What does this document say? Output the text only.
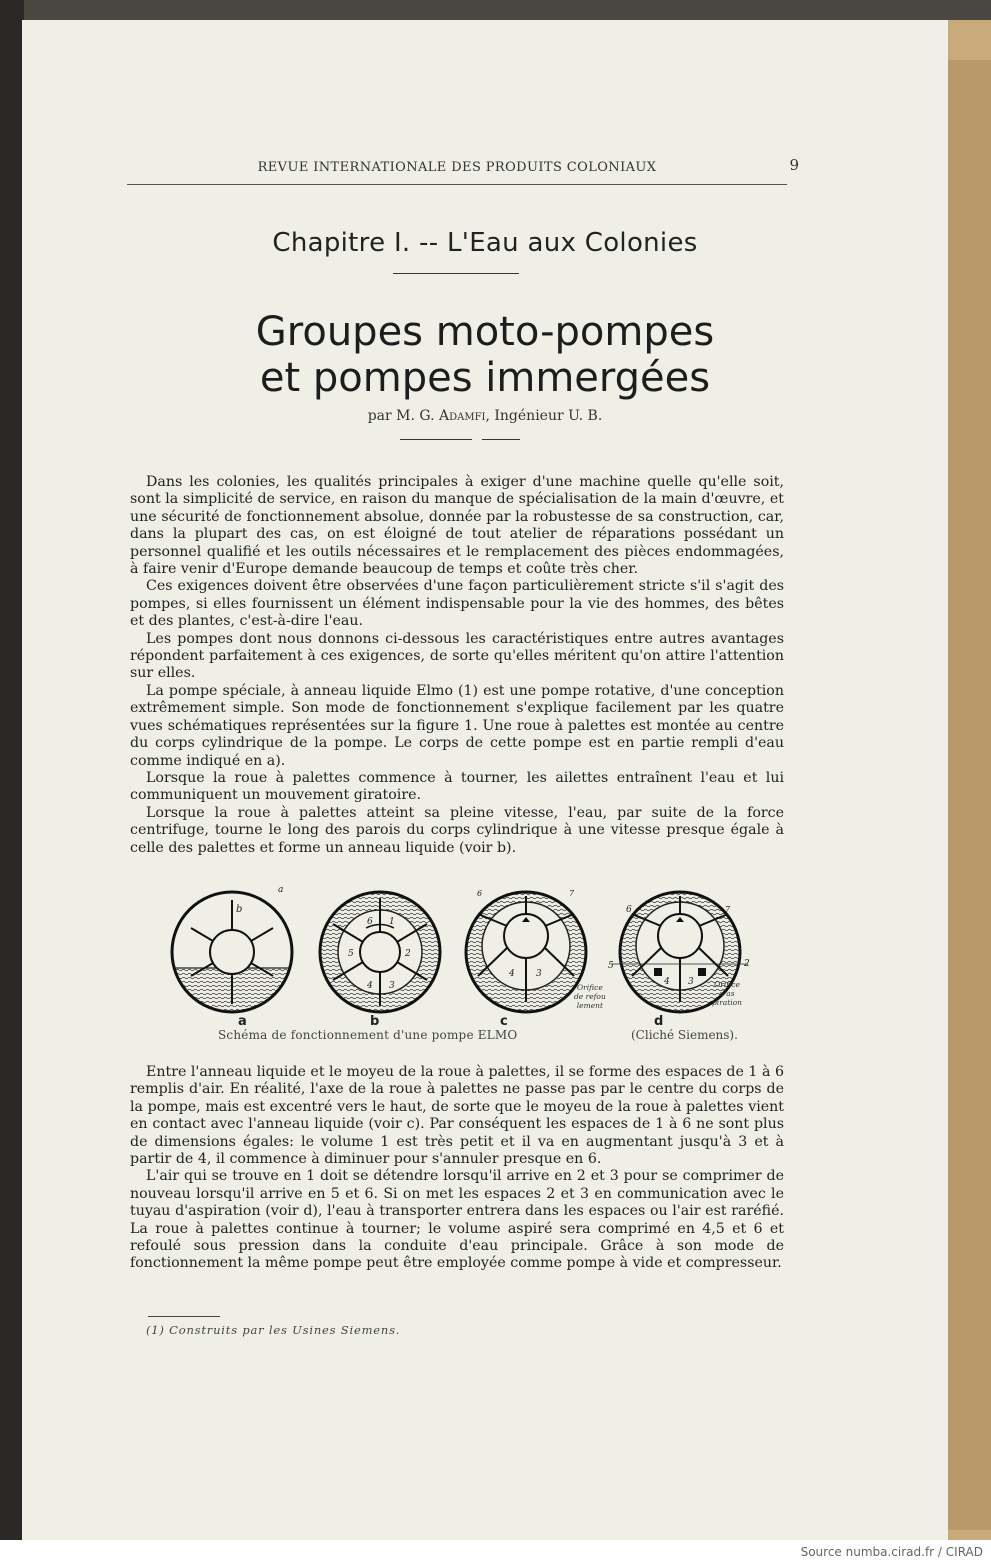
REVUE INTERNATIONALE DES PRODUITS COLONIAUX	9
Chapitre I. -- L'Eau aux Colonies
Groupes moto-pompes
et pompes immergées
par M. G. Adamfi, Ingénieur U. B.

Dans les colonies, les qualités principales à exiger d'une machine quelle qu'elle soit, sont la simplicité de service, en raison du manque de spécialisation de la main d'œuvre, et une sécurité de fonctionnement absolue, donnée par la robustesse de sa construction, car, dans la plupart des cas, on est éloigné de tout atelier de réparations possédant un personnel qualifié et les outils nécessaires et le remplacement des pièces endommagées, à faire venir d'Europe demande beaucoup de temps et coûte très cher.

Ces exigences doivent être observées d'une façon particulièrement stricte s'il s'agit des pompes, si elles fournissent un élément indispensable pour la vie des hommes, des bêtes et des plantes, c'est-à-dire l'eau.

Les pompes dont nous donnons ci-dessous les caractéristiques entre autres avantages répondent parfaitement à ces exigences, de sorte qu'elles méritent qu'on attire l'attention sur elles.

La pompe spéciale, à anneau liquide Elmo (1) est une pompe rotative, d'une conception extrêmement simple. Son mode de fonctionnement s'explique facilement par les quatre vues schématiques représentées sur la figure 1. Une roue à palettes est montée au centre du corps cylindrique de la pompe. Le corps de cette pompe est en partie rempli d'eau comme indiqué en a).

Lorsque la roue à palettes commence à tourner, les ailettes entraînent l'eau et lui communiquent un mouvement giratoire.

Lorsque la roue à palettes atteint sa pleine vitesse, l'eau, par suite de la force centrifuge, tourne le long des parois du corps cylindrique à une vitesse presque égale à celle des palettes et forme un anneau liquide (voir b).

b
a
6 1
5	2
4 3
6	7
4 3
6	7
5	2
4 3
Orifice
de refou
lement
Orifice
d'as
piration
a	b	c	d
Schéma de fonctionnement d'une pompe ELMO	(Cliché Siemens).

Entre l'anneau liquide et le moyeu de la roue à palettes, il se forme des espaces de 1 à 6 remplis d'air. En réalité, l'axe de la roue à palettes ne passe pas par le centre du corps de la pompe, mais est excentré vers le haut, de sorte que le moyeu de la roue à palettes vient en contact avec l'anneau liquide (voir c). Par conséquent les espaces de 1 à 6 ne sont plus de dimensions égales: le volume 1 est très petit et il va en augmentant jusqu'à 3 et à partir de 4, il commence à diminuer pour s'annuler presque en 6.

L'air qui se trouve en 1 doit se détendre lorsqu'il arrive en 2 et 3 pour se comprimer de nouveau lorsqu'il arrive en 5 et 6. Si on met les espaces 2 et 3 en communication avec le tuyau d'aspiration (voir d), l'eau à transporter entrera dans les espaces ou l'air est raréfié. La roue à palettes continue à tourner; le volume aspiré sera comprimé en 4,5 et 6 et refoulé sous pression dans la conduite d'eau principale. Grâce à son mode de fonctionnement la même pompe peut être employée comme pompe à vide et compresseur.

(1) Construits par les Usines Siemens.
Source numba.cirad.fr / CIRAD
